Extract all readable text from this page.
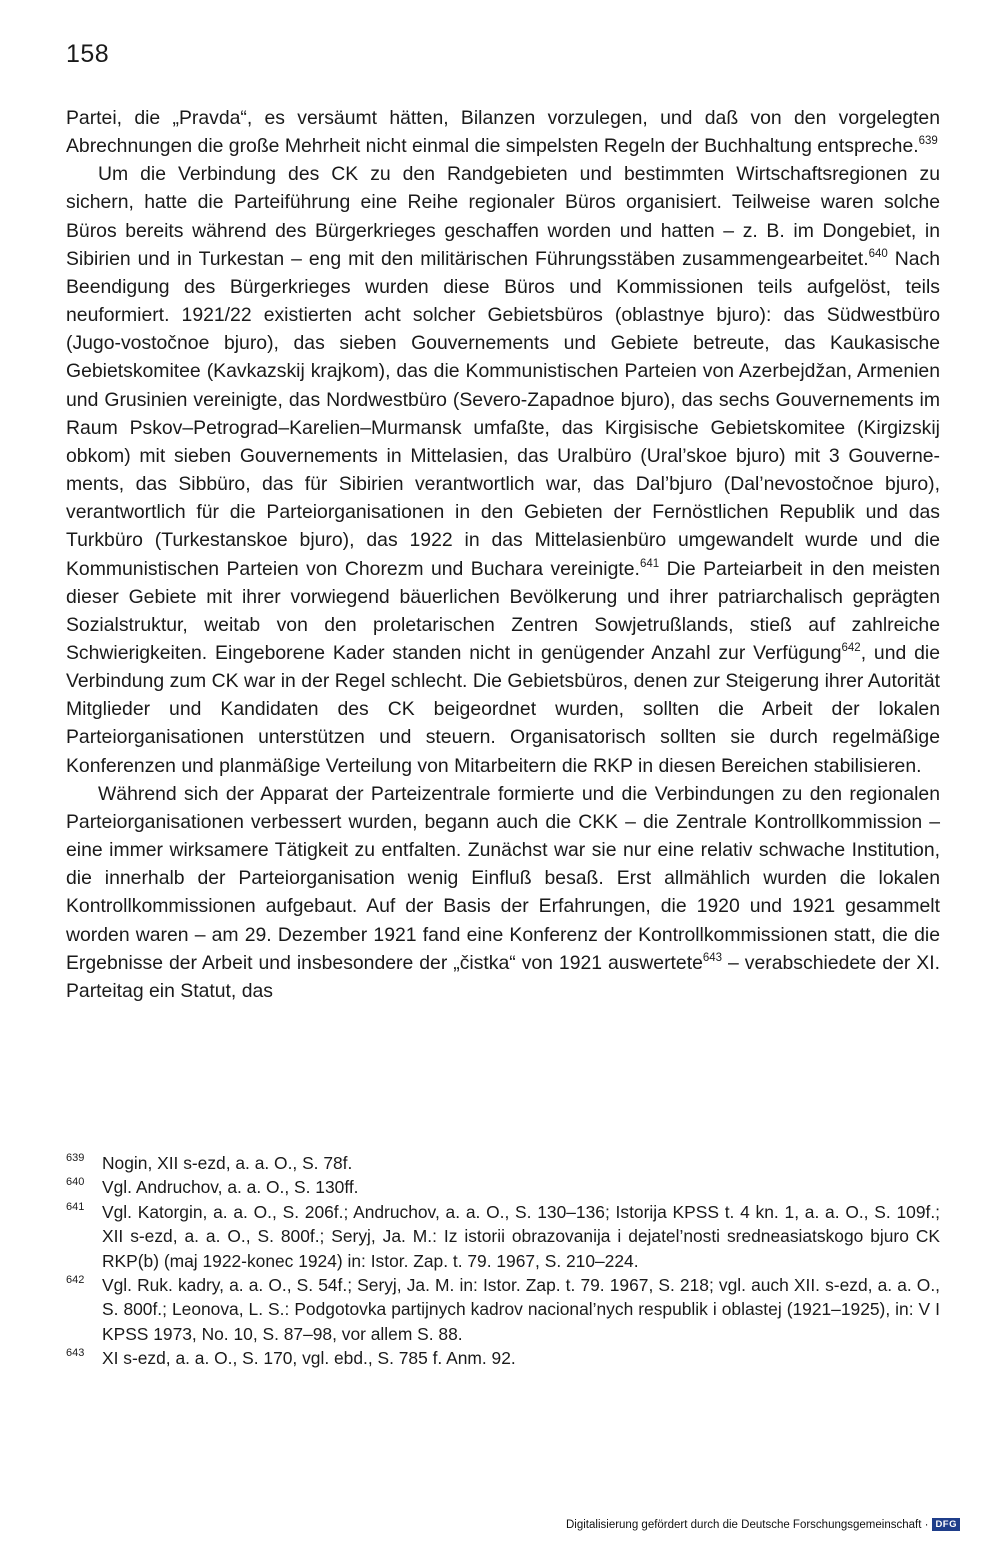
158

Partei, die „Pravda“, es versäumt hätten, Bilanzen vorzulegen, und daß von den vorgelegten Abrechnungen die große Mehrheit nicht einmal die simpelsten Regeln der Buchhaltung entspreche.$^{639}$

Um die Verbindung des CK zu den Randgebieten und bestimmten Wirtschaftsregionen zu sichern, hatte die Parteiführung eine Reihe regionaler Büros organisiert. Teilweise waren solche Büros bereits während des Bürgerkrieges geschaffen worden und hatten – z. B. im Dongebiet, in Sibirien und in Turkestan – eng mit den militärischen Führungsstäben zusammengearbeitet.$^{640}$ Nach Beendigung des Bürgerkrieges wurden diese Büros und Kommissionen teils aufgelöst, teils neuformiert. 1921/22 existierten acht solcher Gebietsbüros (oblastnye bjuro): das Südwestbüro (Jugo-vostočnoe bjuro), das sieben Gouvernements und Gebiete betreute, das Kaukasische Gebietskomitee (Kavkazskij krajkom), das die Kommunistischen Parteien von Azerbejdžan, Armenien und Grusinien vereinigte, das Nordwestbüro (Severo-Zapadnoe bjuro), das sechs Gouvernements im Raum Pskov–Petrograd–Karelien–Murmansk umfaßte, das Kirgisische Gebietskomitee (Kirgizskij obkom) mit sieben Gouvernements in Mittelasien, das Uralbüro (Ural’skoe bjuro) mit 3 Gouvernements, das Sibbüro, das für Sibirien verantwortlich war, das Dal’bjuro (Dal’nevostočnoe bjuro), verantwortlich für die Parteiorganisationen in den Gebieten der Fernöstlichen Republik und das Turkbüro (Turkestanskoe bjuro), das 1922 in das Mittelasienbüro umgewandelt wurde und die Kommunistischen Parteien von Chorezm und Buchara vereinigte.$^{641}$ Die Parteiarbeit in den meisten dieser Gebiete mit ihrer vorwiegend bäuerlichen Bevölkerung und ihrer patriarchalisch geprägten Sozialstruktur, weitab von den proletarischen Zentren Sowjetrußlands, stieß auf zahlreiche Schwierigkeiten. Eingeborene Kader standen nicht in genügender Anzahl zur Verfügung$^{642}$, und die Verbindung zum CK war in der Regel schlecht. Die Gebietsbüros, denen zur Steigerung ihrer Autorität Mitglieder und Kandidaten des CK beigeordnet wurden, sollten die Arbeit der lokalen Parteiorganisationen unterstützen und steuern. Organisatorisch sollten sie durch regelmäßige Konferenzen und planmäßige Verteilung von Mitarbeitern die RKP in diesen Bereichen stabilisieren.

Während sich der Apparat der Parteizentrale formierte und die Verbindungen zu den regionalen Parteiorganisationen verbessert wurden, begann auch die CKK – die Zentrale Kontrollkommission – eine immer wirksamere Tätigkeit zu entfalten. Zunächst war sie nur eine relativ schwache Institution, die innerhalb der Parteiorganisation wenig Einfluß besaß. Erst allmählich wurden die lokalen Kontrollkommissionen aufgebaut. Auf der Basis der Erfahrungen, die 1920 und 1921 gesammelt worden waren – am 29. Dezember 1921 fand eine Konferenz der Kontrollkommissionen statt, die die Ergebnisse der Arbeit und insbesondere der „čistka“ von 1921 auswertete$^{643}$ – verabschiedete der XI. Parteitag ein Statut, das

639 Nogin, XII s-ezd, a. a. O., S. 78f.
640 Vgl. Andruchov, a. a. O., S. 130ff.
641 Vgl. Katorgin, a. a. O., S. 206f.; Andruchov, a. a. O., S. 130–136; Istorija KPSS t. 4 kn. 1, a. a. O., S. 109f.; XII s-ezd, a. a. O., S. 800f.; Seryj, Ja. M.: Iz istorii obrazovanija i dejatel’nosti sredneasiatskogo bjuro CK RKP(b) (maj 1922-konec 1924) in: Istor. Zap. t. 79. 1967, S. 210–224.
642 Vgl. Ruk. kadry, a. a. O., S. 54f.; Seryj, Ja. M. in: Istor. Zap. t. 79. 1967, S. 218; vgl. auch XII. s-ezd, a. a. O., S. 800f.; Leonova, L. S.: Podgotovka partijnych kadrov nacional’nych respublik i oblastej (1921–1925), in: V I KPSS 1973, No. 10, S. 87–98, vor allem S. 88.
643 XI s-ezd, a. a. O., S. 170, vgl. ebd., S. 785 f. Anm. 92.
Digitalisierung gefördert durch die Deutsche Forschungsgemeinschaft · DFG
